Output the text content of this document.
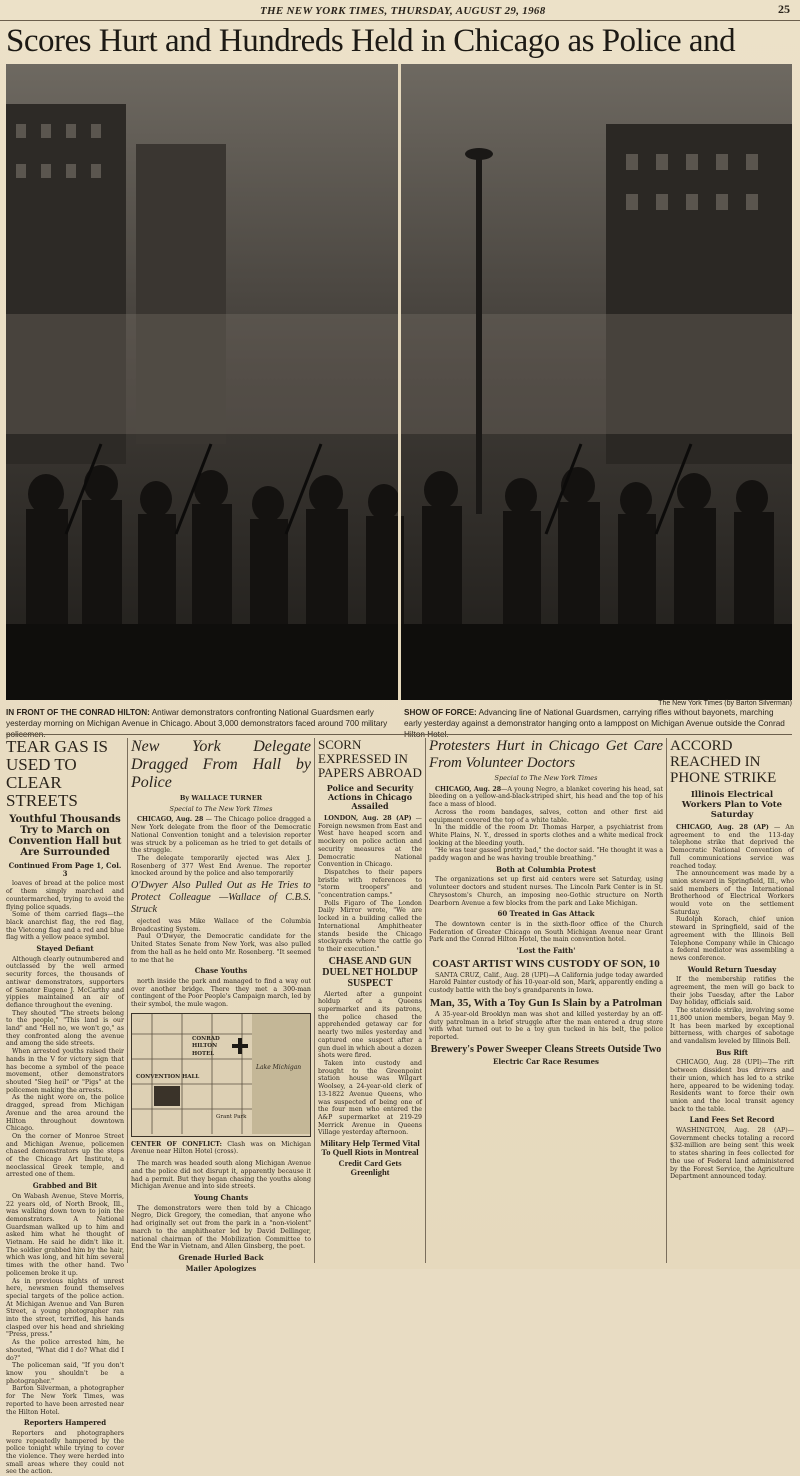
THE NEW YORK TIMES, THURSDAY, AUGUST 29, 1968	25
Scores Hurt and Hundreds Held in Chicago as Police and
The New York Times (by Barton Silverman)
IN FRONT OF THE CONRAD HILTON: Antiwar demonstrators confronting National Guardsmen early yesterday morning on Michigan Avenue in Chicago. About 3,000 demonstrators faced around 700 military
SHOW OF FORCE: Advancing line of National Guardsmen, carrying rifles without bayonets, marching early yesterday against a demonstrator hanging onto a lamppost on Michigan Avenue outside the Conrad
TEAR GAS IS USED TO CLEAR STREETS
Youthful Thousands Try to March on Convention Hall but Are Surrounded
Continued From Page 1, Col. 3

loaves of bread at the police most of them simply marched and countermarched, trying to avoid the flying police squads.

Some of them carried flags—the black anarchist flag, the red flag, the Vietcong flag and a red and blue flag with a yellow peace symbol.

Stayed Defiant

Although clearly outnumbered and outclassed by the well armed security forces, the thousands of antiwar demonstrators, supporters of Senator Eugene J. McCarthy and yippies maintained an air of defiance throughout the evening.

They shouted "The streets belong to the people," "This land is our land" and "Hell no, we won't go," as they confronted along the avenue and among the side streets.

When arrested youths raised their hands in the V for victory sign that has become a symbol of the peace movement, other demonstrators shouted "Sieg heil" or "Pigs" at the policemen making the arrests.

As the night wore on, the police dragged, spread from Michigan Avenue and the area around the Hilton throughout downtown Chicago.

On the corner of Monroe Street and Michigan Avenue, policemen chased demonstrators up the steps of the Chicago Art Institute, a neoclassical Greek temple, and arrested one of them.

Grabbed and Bit

On Wabash Avenue, Steve Morris, 22 years old, of North Brook, Ill., was walking down town to join the demonstrators. A National Guardsman walked up to him and asked him what he thought of Vietnam. He said he didn't like it. The soldier grabbed him by the hair, which was long, and hit him several times with the other hand. Two policemen broke it up.

As in previous nights of unrest here, newsmen found themselves special targets of the police action. At Michigan Avenue and Van Buren Street, a young photographer ran into the street, terrified, his hands clasped over his head and shrieking "Press, press."

As the police arrested him, he shouted, "What did I do? What did I do?"

The policeman said, "If you don't know you shouldn't be a photographer."

Barton Silverman, a photographer for The New York Times, was reported to have been arrested near the Hilton Hotel.

Reporters Hampered

Reporters and photographers were repeatedly hampered by the police tonight while trying to cover the violence. They were herded into small areas where they could not see the action.

New York Delegate Dragged From Hall by Police
By WALLACE TURNER
Special to The New York Times

CHICAGO, Aug. 28 — The Chicago police dragged a New York delegate from the floor of the Democratic National Convention tonight and a television reporter was struck by a policeman as he tried to get details of the struggle.

The delegate temporarily ejected was Alex J. Rosenberg of 377 West End Avenue. The reporter knocked around by the police and also temporarily

O'Dwyer Also Pulled Out as He Tries to Protect Colleague —Wallace of C.B.S. Struck

ejected was Mike Wallace of the Columbia Broadcasting System.

Paul O'Dwyer, the Democratic candidate for the United States Senate from New York, was also pulled from the hall as he held onto Mr. Rosenberg. "It seemed to me that he

Chase Youths

north inside the park and managed to find a way out over another bridge. There they met a 300-man contingent of the Poor People's Campaign march, led by their symbol, the mule wagon.

CONVENTION HALL
CONRAD HILTON HOTEL
Lake Michigan
Grant Park
CENTER OF CONFLICT: Clash was on Michigan Avenue near Hilton Hotel (cross).

The march was headed south along Michigan Avenue and the police did not disrupt it, apparently because it had a permit. But they began chasing the youths along Michigan Avenue and into side streets.

Young Chants

The demonstrators were then told by a Chicago Negro, Dick Gregory, the comedian, that anyone who had originally set out from the park in a "non-violent" march to the amphitheater led by David Dellinger, national chairman of the Mobilization Committee to End the War in Vietnam, and Allen Ginsberg, the poet.

Grenade Hurled Back
Mailer Apologizes
SCORN EXPRESSED IN PAPERS ABROAD
Police and Security Actions in Chicago Assailed

LONDON, Aug. 28 (AP) — Foreign newsmen from East and West have heaped scorn and mockery on police action and security measures at the Democratic National Convention in Chicago.

Dispatches to their papers bristle with references to "storm troopers" and "concentration camps."

Polls Figaro of The London Daily Mirror wrote, "We are locked in a building called the International Amphitheater stands beside the Chicago stockyards where the cattle go to their execution."

CHASE AND GUN DUEL NET HOLDUP SUSPECT

Alerted after a gunpoint holdup of a Queens supermarket and its patrons, the police chased the apprehended getaway car for nearly two miles yesterday and captured one suspect after a gun duel in which about a dozen shots were fired.

Taken into custody and brought to the Greenpoint station house was Wilgart Woolsey, a 24-year-old clerk of 13-1822 Avenue Queens, who was suspected of being one of the four men who entered the A&P supermarket at 219-29 Merrick Avenue in Queens Village yesterday afternoon.

Military Help Termed Vital To Quell Riots in Montreal
Credit Card Gets Greenlight
Protesters Hurt in Chicago Get Care From Volunteer Doctors
Special to The New York Times

CHICAGO, Aug. 28—A young Negro, a blanket covering his head, sat bleeding on a yellow-and-black-striped shirt, his head and the top of his face a mass of blood.

Across the room bandages, salves, cotton and other first aid equipment covered the top of a white table.

In the middle of the room Dr. Thomas Harper, a psychiatrist from White Plains, N. Y., dressed in sports clothes and a white medical frock looking at the bleeding youth.

"He was tear gassed pretty bad," the doctor said. "He thought it was a paddy wagon and he was having trouble breathing."

Both at Columbia Protest

The organizations set up first aid centers were set Saturday, using volunteer doctors and student nurses. The Lincoln Park Center is in St. Chrysostom's Church, an imposing neo-Gothic structure on North Dearborn Avenue a few blocks from the park and Lake Michigan.

60 Treated in Gas Attack

The downtown center is in the sixth-floor office of the Church Federation of Greater Chicago on South Michigan Avenue near Grant Park and the Conrad Hilton Hotel, the main convention hotel.

'Lost the Faith'
COAST ARTIST WINS CUSTODY OF SON, 10

SANTA CRUZ, Calif., Aug. 28 (UPI)—A California judge today awarded Harold Painter custody of his 10-year-old son, Mark, apparently ending a custody battle with the boy's grandparents in Iowa.

Man, 35, With a Toy Gun Is Slain by a Patrolman

A 35-year-old Brooklyn man was shot and killed yesterday by an off-duty patrolman in a brief struggle after the man entered a drug store with what turned out to be a toy gun tucked in his belt, the police reported.

Brewery's Power Sweeper Cleans Streets Outside Two
Electric Car Race Resumes
ACCORD REACHED IN PHONE STRIKE
Illinois Electrical Workers Plan to Vote Saturday

CHICAGO, Aug. 28 (AP) — An agreement to end the 113-day telephone strike that deprived the Democratic National Convention of full communications service was reached today.

The announcement was made by a union steward in Springfield, Ill., who said members of the International Brotherhood of Electrical Workers would vote on the settlement Saturday.

Rudolph Korach, chief union steward in Springfield, said of the agreement with the Illinois Bell Telephone Company while in Chicago a federal mediator was assembling a news conference.

Would Return Tuesday

If the membership ratifies the agreement, the men will go back to their jobs Tuesday, after the Labor Day holiday, officials said.

The statewide strike, involving some 11,800 union members, began May 9. It has been marked by exceptional bitterness, with charges of sabotage and vandalism leveled by Illinois Bell.

Bus Rift

CHICAGO, Aug. 28 (UPI)—The rift between dissident bus drivers and their union, which has led to a strike here, appeared to be widening today. Residents want to force their own union and the local transit agency back to the table.

Land Fees Set Record

WASHINGTON, Aug. 28 (AP)—Government checks totaling a record $32-million are being sent this week to states sharing in fees collected for the use of Federal land administered by the Forest Service, the Agriculture Department announced today.
